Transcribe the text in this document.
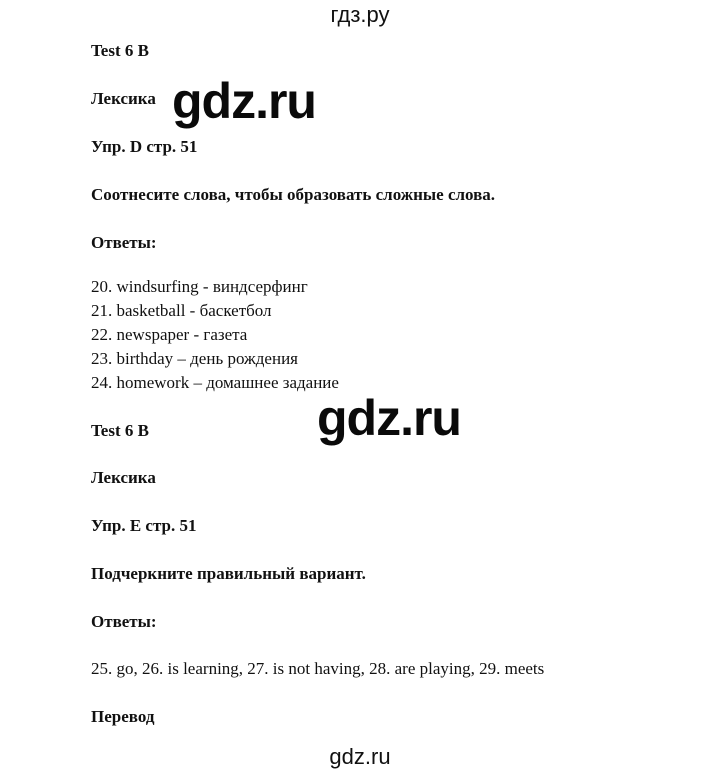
гдз.ру
Test 6 B
Лексика
Упр. D стр. 51
Соотнесите слова, чтобы образовать сложные слова.
Ответы:
20. windsurfing - виндсерфинг
21. basketball - баскетбол
22. newspaper - газета
23. birthday – день рождения
24. homework – домашнее задание
Test 6 B
Лексика
Упр. E стр. 51
Подчеркните правильный вариант.
Ответы:
25. go, 26. is learning, 27. is not having, 28. are playing, 29. meets
Перевод
gdz.ru
gdz.ru
gdz.ru
